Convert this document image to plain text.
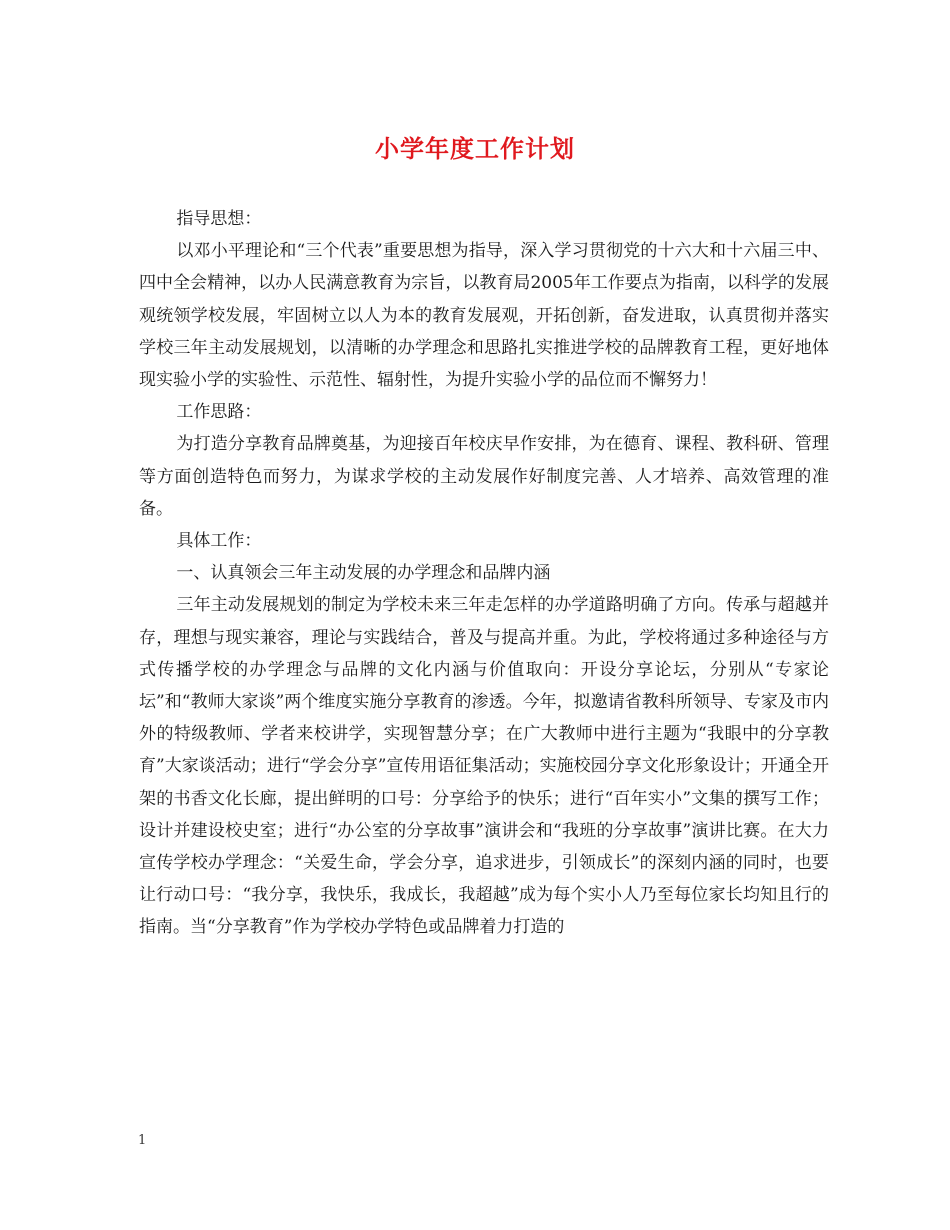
小学年度工作计划

指导思想：

以邓小平理论和“三个代表”重要思想为指导，深入学习贯彻党的十六大和十六届三中、四中全会精神，以办人民满意教育为宗旨，以教育局2005年工作要点为指南，以科学的发展观统领学校发展，牢固树立以人为本的教育发展观，开拓创新，奋发进取，认真贯彻并落实学校三年主动发展规划，以清晰的办学理念和思路扎实推进学校的品牌教育工程，更好地体现实验小学的实验性、示范性、辐射性，为提升实验小学的品位而不懈努力！

工作思路：

为打造分享教育品牌奠基，为迎接百年校庆早作安排，为在德育、课程、教科研、管理等方面创造特色而努力，为谋求学校的主动发展作好制度完善、人才培养、高效管理的准备。

具体工作：

一、认真领会三年主动发展的办学理念和品牌内涵

三年主动发展规划的制定为学校未来三年走怎样的办学道路明确了方向。传承与超越并存，理想与现实兼容，理论与实践结合，普及与提高并重。为此，学校将通过多种途径与方式传播学校的办学理念与品牌的文化内涵与价值取向：开设分享论坛，分别从“专家论坛”和“教师大家谈”两个维度实施分享教育的渗透。今年，拟邀请省教科所领导、专家及市内外的特级教师、学者来校讲学，实现智慧分享；在广大教师中进行主题为“我眼中的分享教育”大家谈活动；进行“学会分享”宣传用语征集活动；实施校园分享文化形象设计；开通全开架的书香文化长廊，提出鲜明的口号：分享给予的快乐；进行“百年实小”文集的撰写工作；设计并建设校史室；进行“办公室的分享故事”演讲会和“我班的分享故事”演讲比赛。在大力宣传学校办学理念：“关爱生命，学会分享，追求进步，引领成长”的深刻内涵的同时，也要让行动口号：“我分享，我快乐，我成长，我超越”成为每个实小人乃至每位家长均知且行的指南。当“分享教育”作为学校办学特色或品牌着力打造的

1
